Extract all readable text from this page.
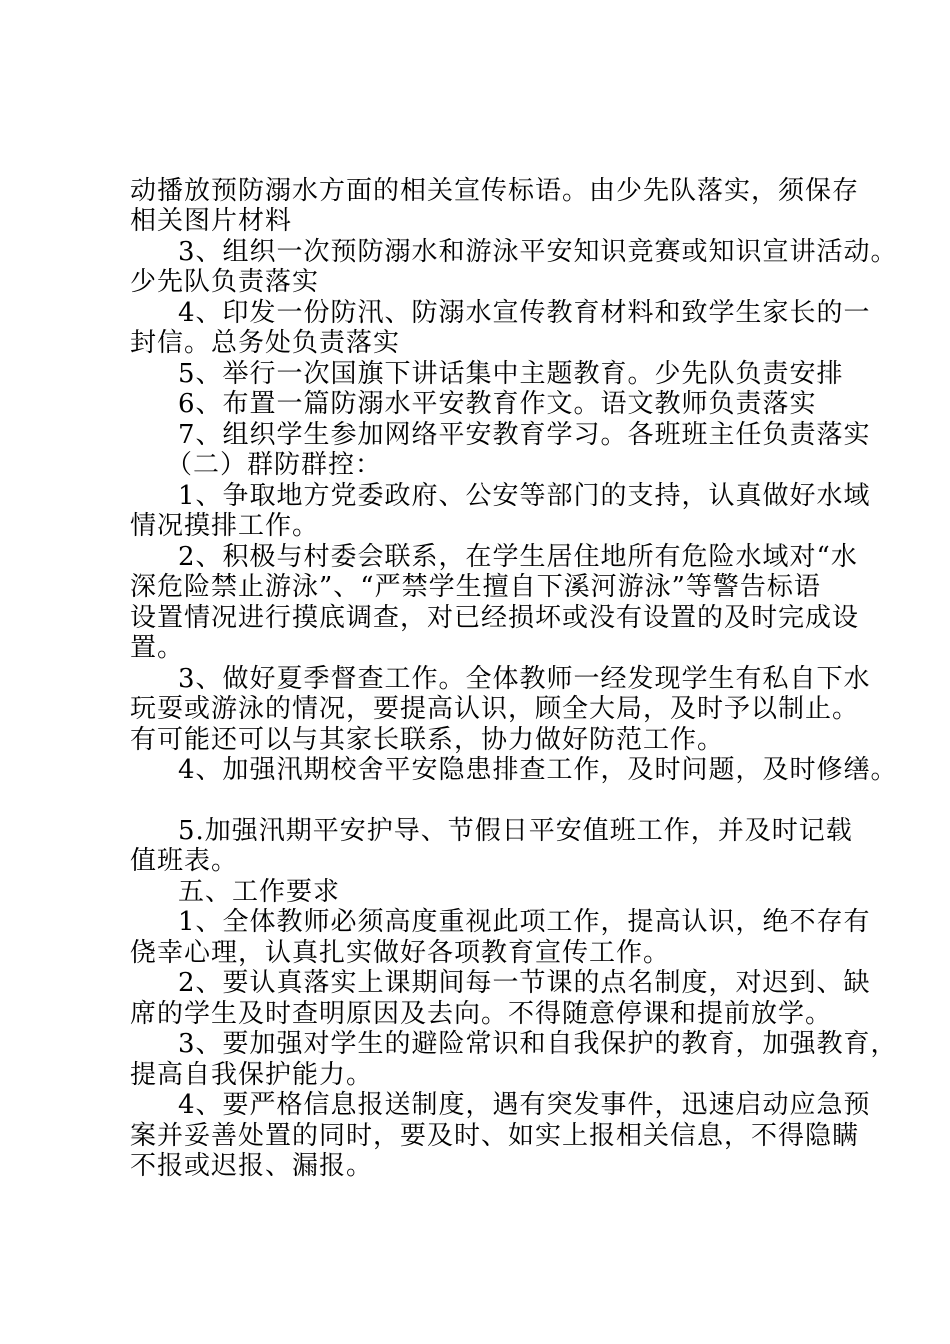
动播放预防溺水方面的相关宣传标语。由少先队落实，须保存
相关图片材料
3、组织一次预防溺水和游泳平安知识竞赛或知识宣讲活动。
少先队负责落实
4、印发一份防汛、防溺水宣传教育材料和致学生家长的一
封信。总务处负责落实
5、举行一次国旗下讲话集中主题教育。少先队负责安排
6、布置一篇防溺水平安教育作文。语文教师负责落实
7、组织学生参加网络平安教育学习。各班班主任负责落实
（二）群防群控：
1、争取地方党委政府、公安等部门的支持，认真做好水域
情况摸排工作。
2、积极与村委会联系，在学生居住地所有危险水域对“水
深危险禁止游泳”、“严禁学生擅自下溪河游泳”等警告标语
设置情况进行摸底调查，对已经损坏或没有设置的及时完成设
置。
3、做好夏季督查工作。全体教师一经发现学生有私自下水
玩耍或游泳的情况，要提高认识，顾全大局，及时予以制止。
有可能还可以与其家长联系，协力做好防范工作。
4、加强汛期校舍平安隐患排查工作，及时问题，及时修缮。
5.加强汛期平安护导、节假日平安值班工作，并及时记载
值班表。
五、工作要求
1、全体教师必须高度重视此项工作，提高认识，绝不存有
侥幸心理，认真扎实做好各项教育宣传工作。
2、要认真落实上课期间每一节课的点名制度，对迟到、缺
席的学生及时查明原因及去向。不得随意停课和提前放学。
3、要加强对学生的避险常识和自我保护的教育，加强教育，
提高自我保护能力。
4、要严格信息报送制度，遇有突发事件，迅速启动应急预
案并妥善处置的同时，要及时、如实上报相关信息，不得隐瞒
不报或迟报、漏报。
